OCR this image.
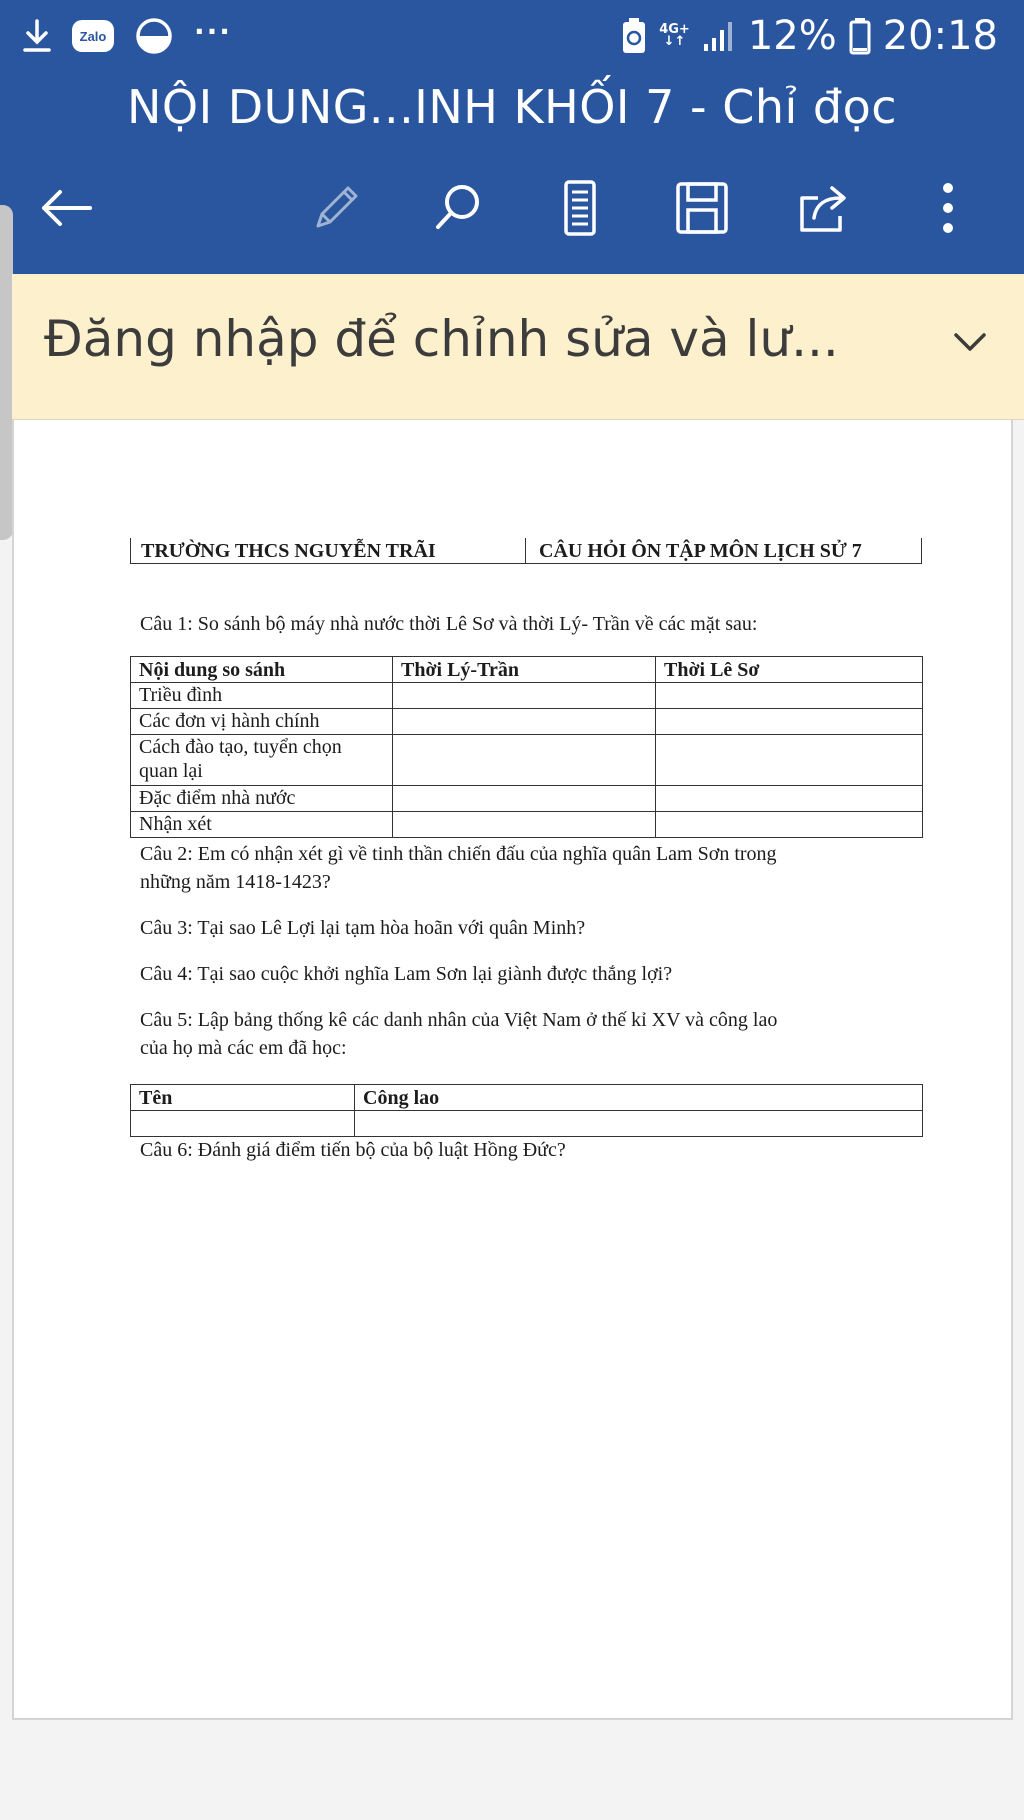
Zalo	···	4G+
↓↑ 12% 20:18
NỘI DUNG...INH KHỐI 7 - Chỉ đọc
Đăng nhập để chỉnh sửa và lư...
TRƯỜNG THCS NGUYỄN TRÃI	CÂU HỎI ÔN TẬP MÔN LỊCH SỬ 7
Câu 1: So sánh bộ máy nhà nước thời Lê Sơ và thời Lý- Trần về các mặt sau:
Nội dung so sánh	Thời Lý-Trần	Thời Lê Sơ
Triều đình		
Các đơn vị hành chính		
Cách đào tạo, tuyển chọn quan lại		
Đặc điểm nhà nước		
Nhận xét		
Câu 2: Em có nhận xét gì về tinh thần chiến đấu của nghĩa quân Lam Sơn trong
những năm 1418-1423?
Câu 3: Tại sao Lê Lợi lại tạm hòa hoãn với quân Minh?
Câu 4: Tại sao cuộc khởi nghĩa Lam Sơn lại giành được thắng lợi?
Câu 5: Lập bảng thống kê các danh nhân của Việt Nam ở thế kỉ XV và công lao
của họ mà các em đã học:
Tên	Công lao

Câu 6: Đánh giá điểm tiến bộ của bộ luật Hồng Đức?
